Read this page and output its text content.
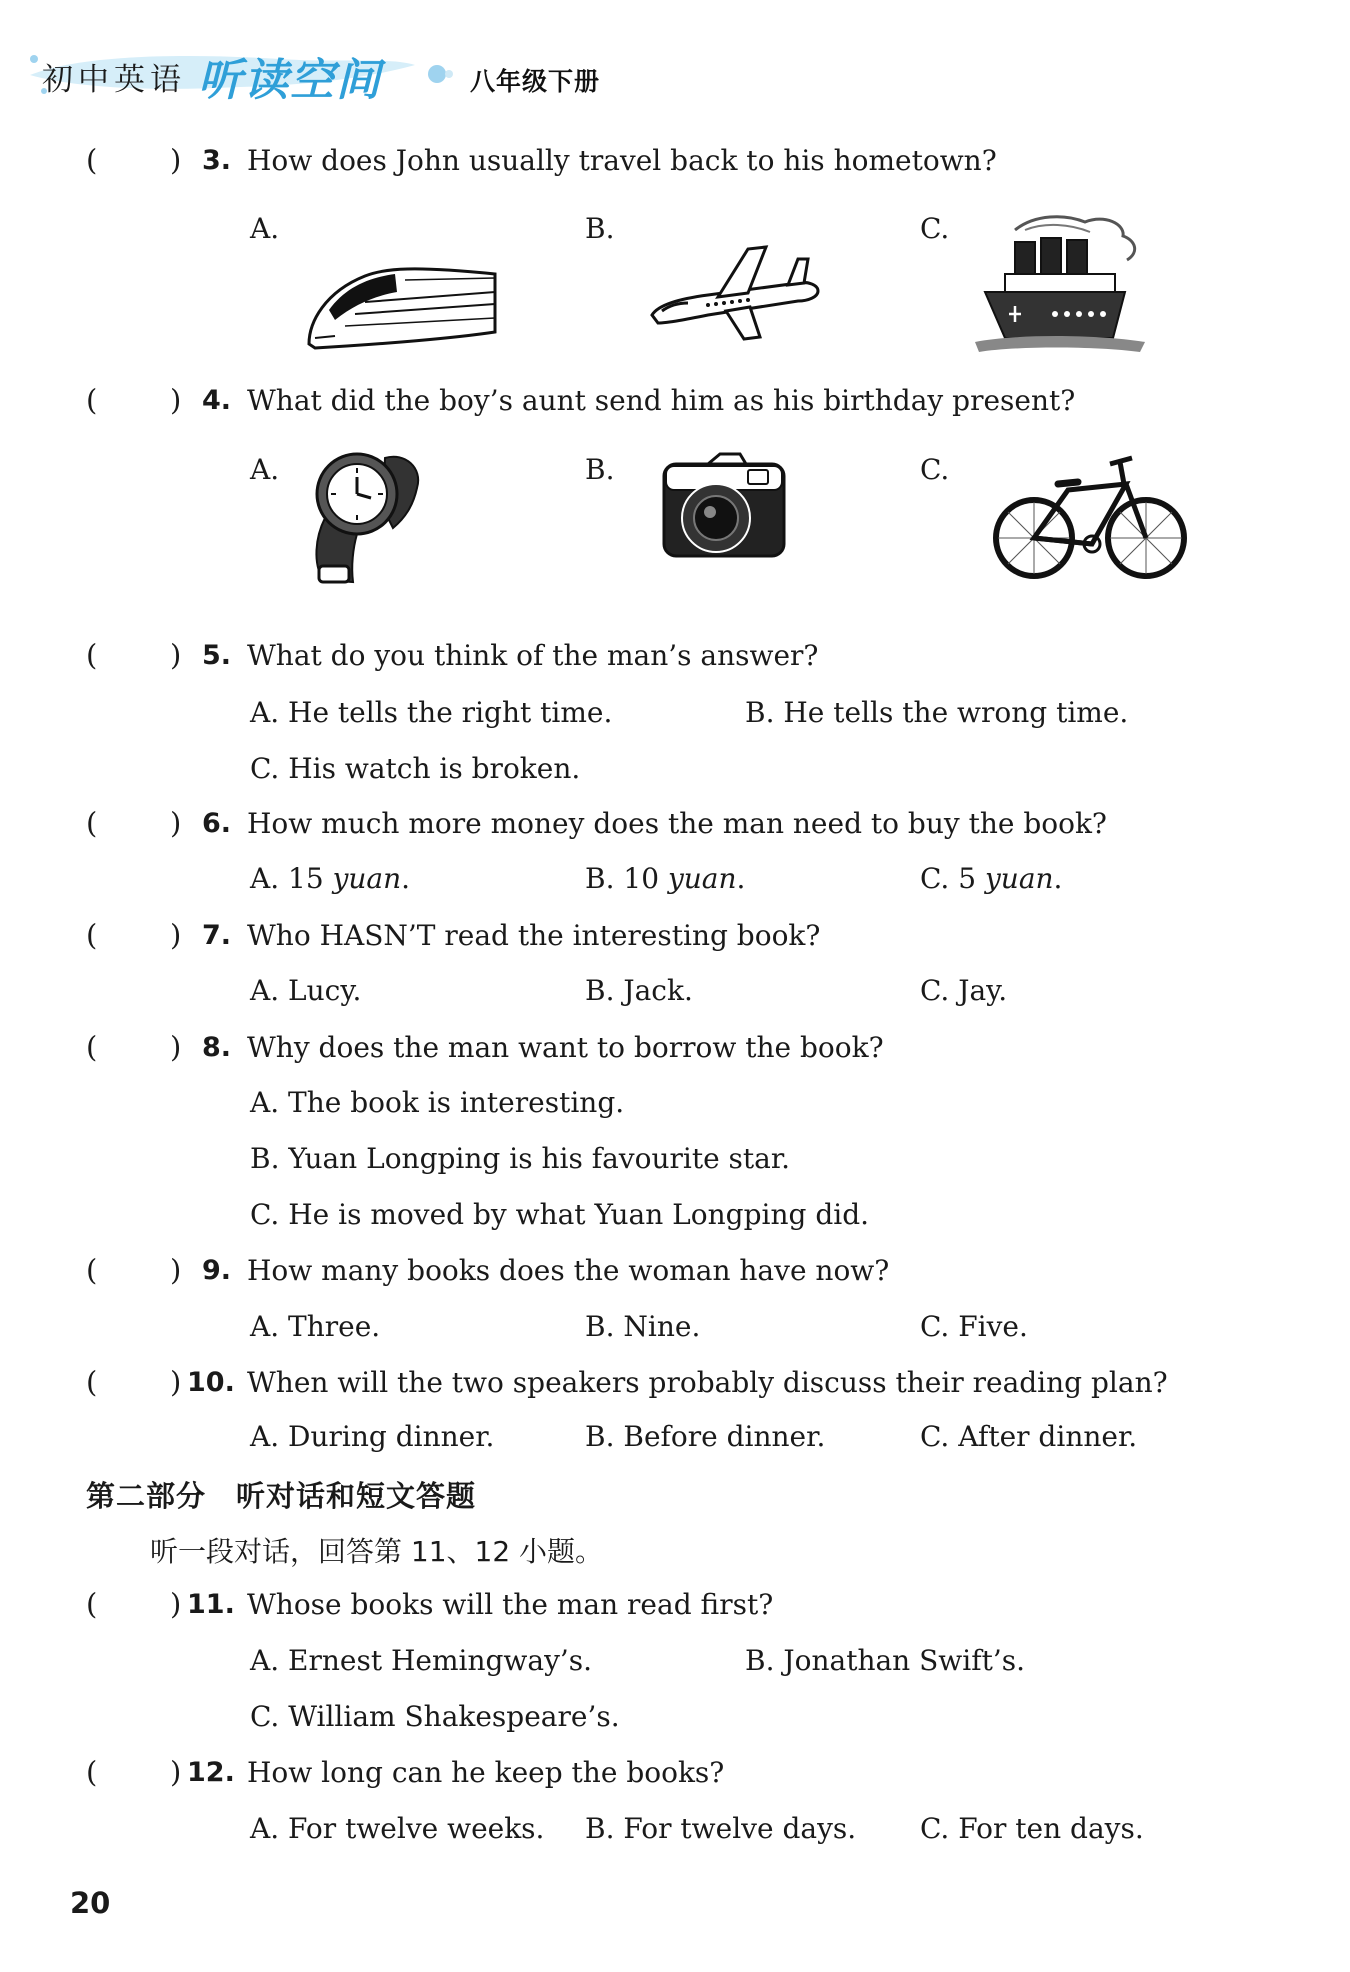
初中英语 听读空间	八年级下册
(	) 3. How does John usually travel back to his hometown?
A.	B.	C.
(	) 4. What did the boy’s aunt send him as his birthday present?
A.	B.	C.
(	) 5. What do you think of the man’s answer?
A. He tells the right time.	B. He tells the wrong time.
C. His watch is broken.
(	) 6. How much more money does the man need to buy the book?
A. 15 yuan.	B. 10 yuan.	C. 5 yuan.
(	) 7. Who HASN’T read the interesting book?
A. Lucy.	B. Jack.	C. Jay.
(	) 8. Why does the man want to borrow the book?
A. The book is interesting.
B. Yuan Longping is his favourite star.
C. He is moved by what Yuan Longping did.
(	) 9. How many books does the woman have now?
A. Three.	B. Nine.	C. Five.
(	) 10. When will the two speakers probably discuss their reading plan?
A. During dinner.	B. Before dinner.	C. After dinner.
第二部分　听对话和短文答题
听一段对话，回答第 11、12 小题。
(	) 11. Whose books will the man read first?
A. Ernest Hemingway’s.	B. Jonathan Swift’s.
C. William Shakespeare’s.
(	) 12. How long can he keep the books?
A. For twelve weeks. B. For twelve days. C. For ten days.
20
